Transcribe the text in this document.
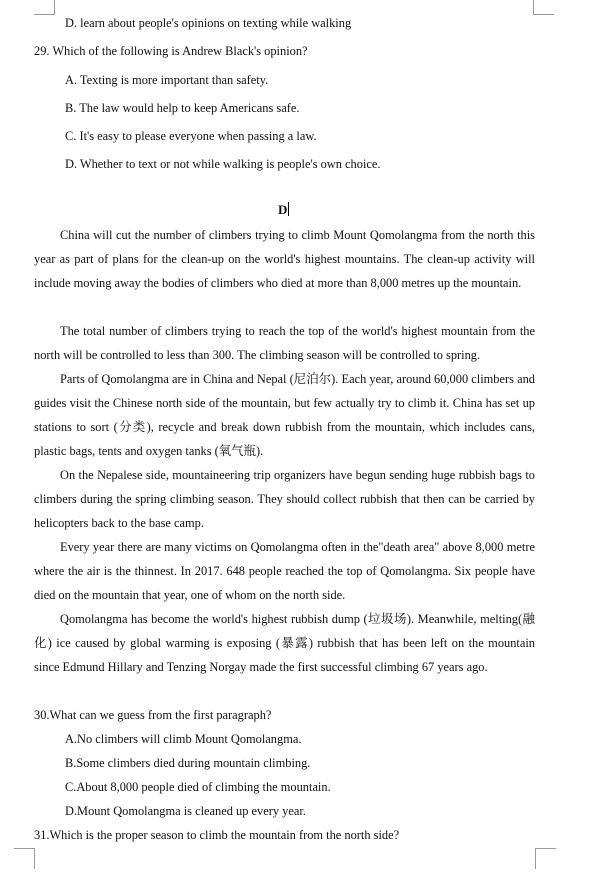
D. learn about people's opinions on texting while walking
29. Which of the following is Andrew Black's opinion?
A. Texting is more important than safety.
B. The law would help to keep Americans safe.
C. It's easy to please everyone when passing a law.
D. Whether to text or not while walking is people's own choice.
D
China will cut the number of climbers trying to climb Mount Qomolangma from the north this year as part of plans for the clean-up on the world's highest mountains. The clean-up activity will include moving away the bodies of climbers who died at more than 8,000 metres up the mountain.
The total number of climbers trying to reach the top of the world's highest mountain from the north will be controlled to less than 300. The climbing season will be controlled to spring.
Parts of Qomolangma are in China and Nepal (尼泊尔). Each year, around 60,000 climbers and guides visit the Chinese north side of the mountain, but few actually try to climb it. China has set up stations to sort (分类), recycle and break down rubbish from the mountain, which includes cans, plastic bags, tents and oxygen tanks (氧气瓶).
On the Nepalese side, mountaineering trip organizers have begun sending huge rubbish bags to climbers during the spring climbing season. They should collect rubbish that then can be carried by helicopters back to the base camp.
Every year there are many victims on Qomolangma often in the"death area" above 8,000 metre where the air is the thinnest. In 2017. 648 people reached the top of Qomolangma. Six people have died on the mountain that year, one of whom on the north side.
Qomolangma has become the world's highest rubbish dump (垃圾场). Meanwhile, melting(融化) ice caused by global warming is exposing (暴露) rubbish that has been left on the mountain since Edmund Hillary and Tenzing Norgay made the first successful climbing 67 years ago.
30.What can we guess from the first paragraph?
A.No climbers will climb Mount Qomolangma.
B.Some climbers died during mountain climbing.
C.About 8,000 people died of climbing the mountain.
D.Mount Qomolangma is cleaned up every year.
31.Which is the proper season to climb the mountain from the north side?
